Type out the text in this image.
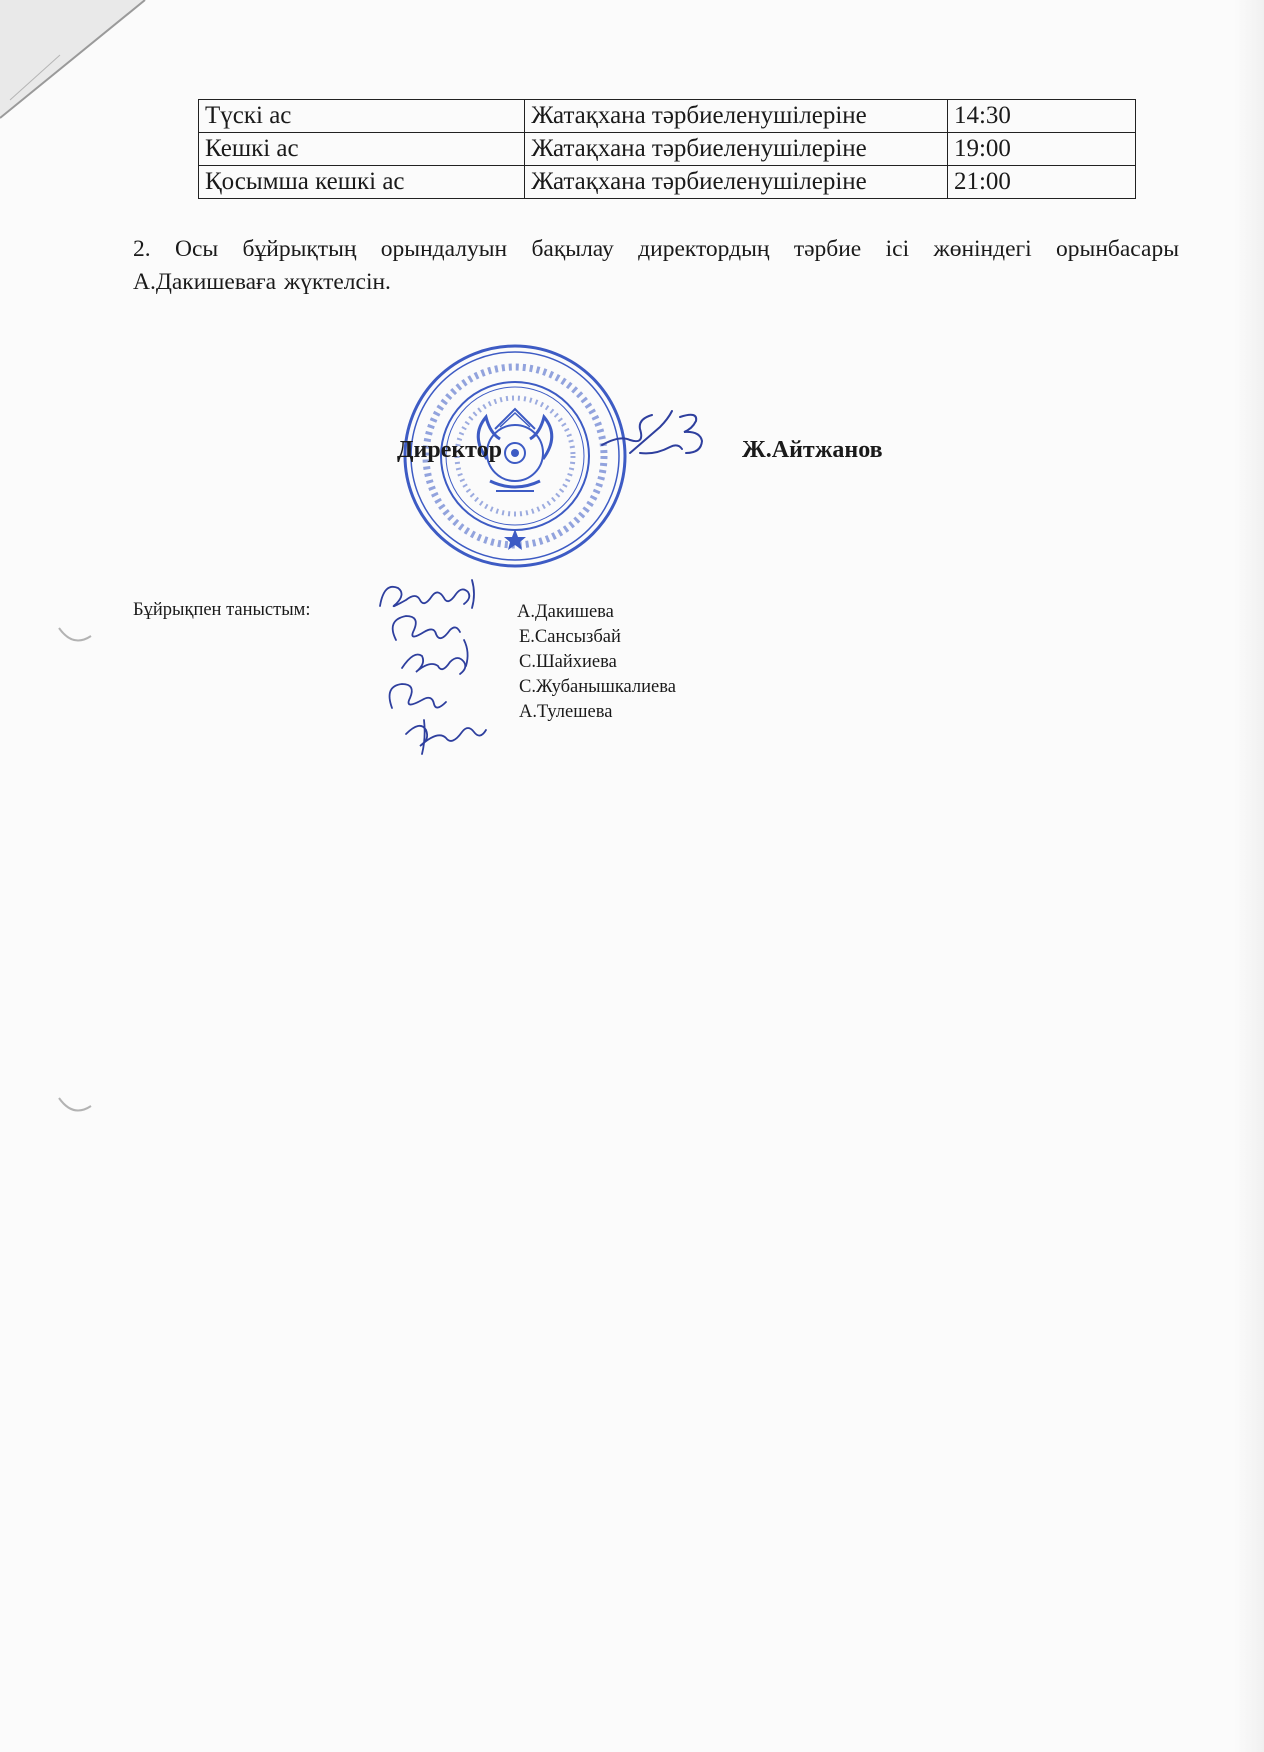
Түскі ас	Жатақхана тәрбиеленушілеріне	14:30
Кешкі ас	Жатақхана тәрбиеленушілеріне	19:00
Қосымша кешкі ас	Жатақхана тәрбиеленушілеріне	21:00

2. Осы бұйрықтың орындалуын бақылау директордың тәрбие ісі жөніндегі орынбасары А.Дакишеваға жүктелсін.

Директор	Ж.Айтжанов
Бұйрықпен таныстым:	А.Дакишева
Е.Сансызбай
С.Шайхиева
С.Жубанышкалиева
А.Тулешева
